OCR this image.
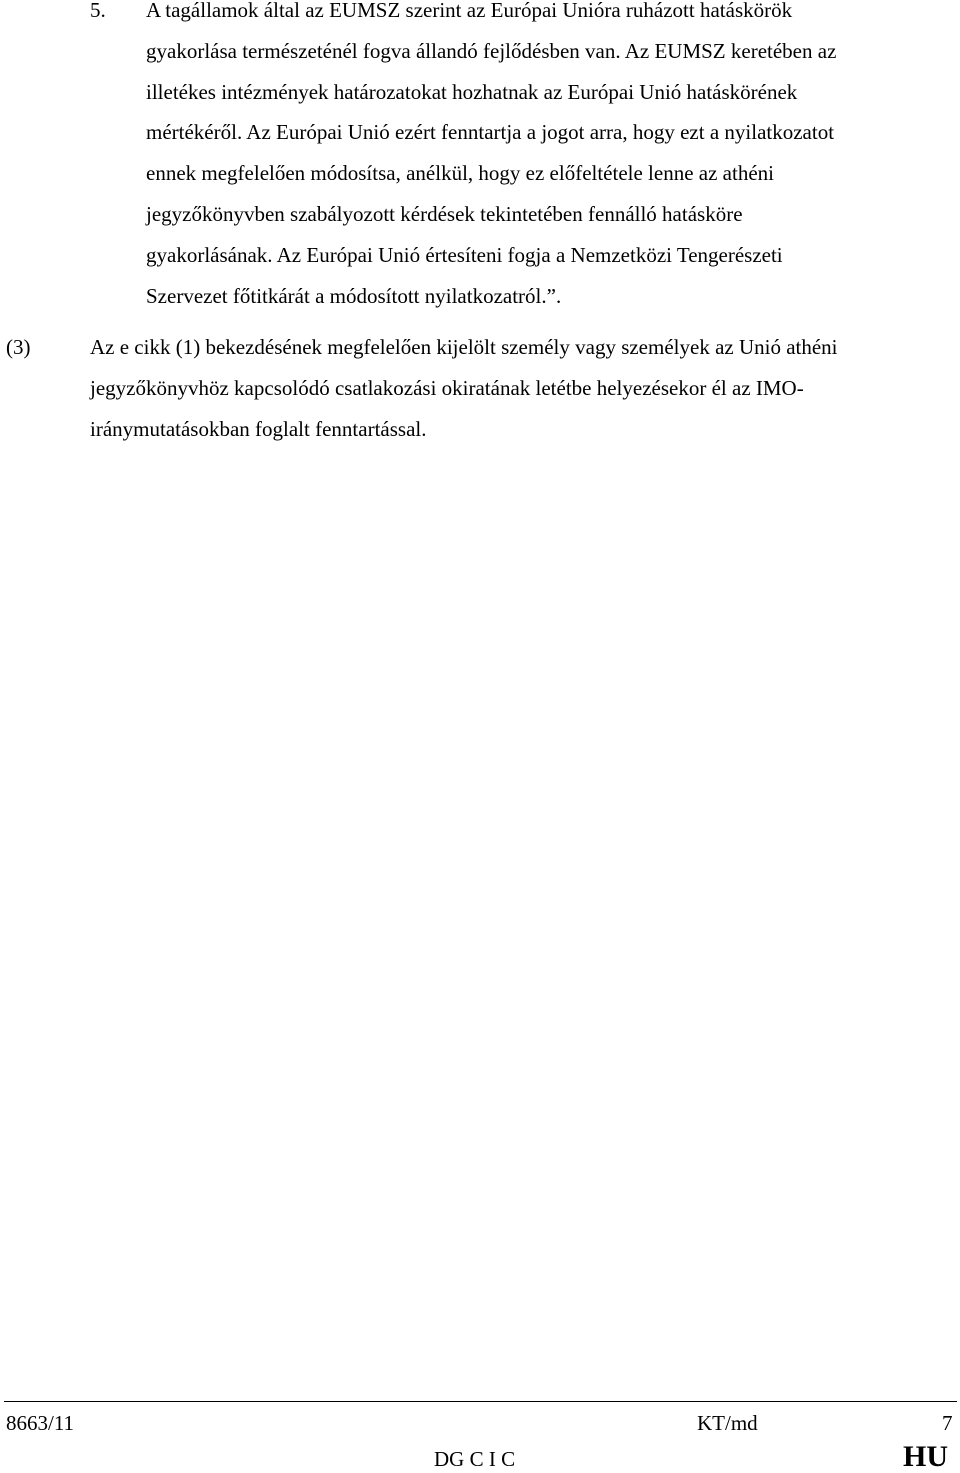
5. A tagállamok által az EUMSZ szerint az Európai Unióra ruházott hatáskörök
gyakorlása természeténél fogva állandó fejlődésben van. Az EUMSZ keretében az
illetékes intézmények határozatokat hozhatnak az Európai Unió hatáskörének
mértékéről. Az Európai Unió ezért fenntartja a jogot arra, hogy ezt a nyilatkozatot
ennek megfelelően módosítsa, anélkül, hogy ez előfeltétele lenne az athéni
jegyzőkönyvben szabályozott kérdések tekintetében fennálló hatásköre
gyakorlásának. Az Európai Unió értesíteni fogja a Nemzetközi Tengerészeti
Szervezet főtitkárát a módosított nyilatkozatról.”.
(3)	Az e cikk (1) bekezdésének megfelelően kijelölt személy vagy személyek az Unió athéni
jegyzőkönyvhöz kapcsolódó csatlakozási okiratának letétbe helyezésekor él az IMO-
iránymutatásokban foglalt fenntartással.
8663/11	KT/md	7
DG C I C	HU
